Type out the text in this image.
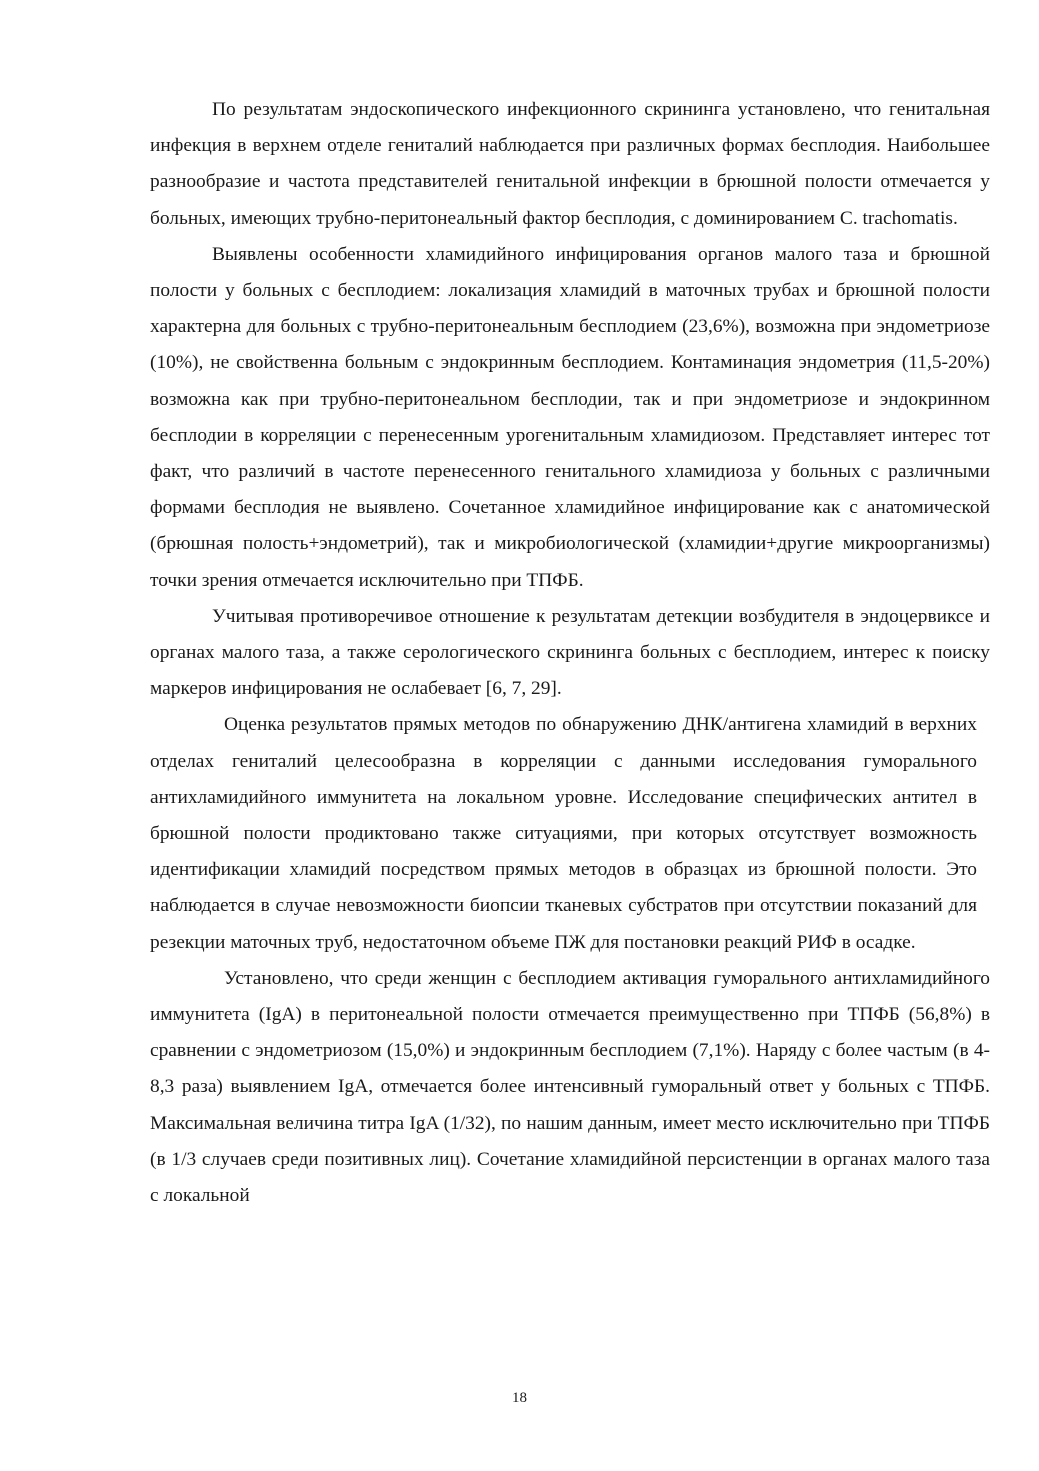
По результатам эндоскопического инфекционного скрининга установлено, что генитальная инфекция в верхнем отделе гениталий наблюдается при различных формах бесплодия. Наибольшее разнообразие и частота представителей генитальной инфекции в брюшной полости отмечается у больных, имеющих трубно-перитонеальный фактор бесплодия, с доминированием C. trachomatis.

Выявлены особенности хламидийного инфицирования органов малого таза и брюшной полости у больных с бесплодием: локализация хламидий в маточных трубах и брюшной полости характерна для больных с трубно-перитонеальным бесплодием (23,6%), возможна при эндометриозе (10%), не свойственна больным с эндокринным бесплодием. Контаминация эндометрия (11,5-20%) возможна как при трубно-перитонеальном бесплодии, так и при эндометриозе и эндокринном бесплодии в корреляции с перенесенным урогенитальным хламидиозом. Представляет интерес тот факт, что различий в частоте перенесенного генитального хламидиоза у больных с различными формами бесплодия не выявлено. Сочетанное хламидийное инфицирование как с анатомической (брюшная полость+эндометрий), так и микробиологической (хламидии+другие микроорганизмы) точки зрения отмечается исключительно при ТПФБ.

Учитывая противоречивое отношение к результатам детекции возбудителя в эндоцервиксе и органах малого таза, а также серологического скрининга больных с бесплодием, интерес к поиску маркеров инфицирования не ослабевает [6, 7, 29].

Оценка результатов прямых методов по обнаружению ДНК/антигена хламидий в верхних отделах гениталий целесообразна в корреляции с данными исследования гуморального антихламидийного иммунитета на локальном уровне. Исследование специфических антител в брюшной полости продиктовано также ситуациями, при которых отсутствует возможность идентификации хламидий посредством прямых методов в образцах из брюшной полости. Это наблюдается в случае невозможности биопсии тканевых субстратов при отсутствии показаний для резекции маточных труб, недостаточном объеме ПЖ для постановки реакций РИФ в осадке.

Установлено, что среди женщин с бесплодием активация гуморального антихламидийного иммунитета (IgA) в перитонеальной полости отмечается преимущественно при ТПФБ (56,8%) в сравнении с эндометриозом (15,0%) и эндокринным бесплодием (7,1%). Наряду с более частым (в 4-8,3 раза) выявлением IgA, отмечается более интенсивный гуморальный ответ у больных с ТПФБ. Максимальная величина титра IgA (1/32), по нашим данным, имеет место исключительно при ТПФБ (в 1/3 случаев среди позитивных лиц). Сочетание хламидийной персистенции в органах малого таза с локальной

18
